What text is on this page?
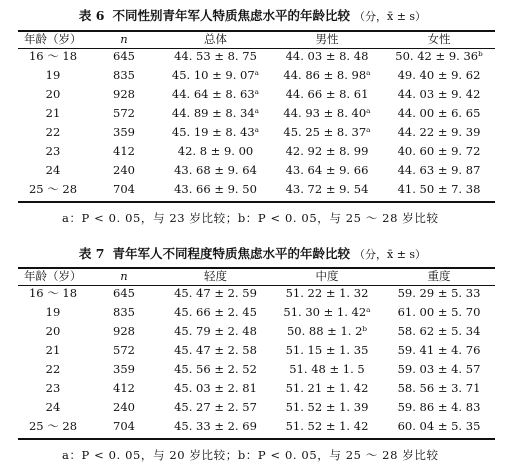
表 6 不同性别青年军人特质焦虑水平的年龄比较 （分，x̄ ± s）
年龄（岁）	n	总体	男性	女性
16 ～ 18	645	44. 53 ± 8. 75	44. 03 ± 8. 48	50. 42 ± 9. 36ᵇ
19	835	45. 10 ± 9. 07ᵃ	44. 86 ± 8. 98ᵃ	49. 40 ± 9. 62
20	928	44. 64 ± 8. 63ᵃ	44. 66 ± 8. 61	44. 03 ± 9. 42
21	572	44. 89 ± 8. 34ᵃ	44. 93 ± 8. 40ᵃ	44. 00 ± 6. 65
22	359	45. 19 ± 8. 43ᵃ	45. 25 ± 8. 37ᵃ	44. 22 ± 9. 39
23	412	42. 8 ± 9. 00	42. 92 ± 8. 99	40. 60 ± 9. 72
24	240	43. 68 ± 9. 64	43. 64 ± 9. 66	44. 63 ± 9. 87
25 ～ 28	704	43. 66 ± 9. 50	43. 72 ± 9. 54	41. 50 ± 7. 38
a：P < 0. 05，与 23 岁比较；b：P < 0. 05，与 25 ～ 28 岁比较
表 7 青年军人不同程度特质焦虑水平的年龄比较 （分，x̄ ± s）
年龄（岁）	n	轻度	中度	重度
16 ～ 18	645	45. 47 ± 2. 59	51. 22 ± 1. 32	59. 29 ± 5. 33
19	835	45. 66 ± 2. 45	51. 30 ± 1. 42ᵃ	61. 00 ± 5. 70
20	928	45. 79 ± 2. 48	50. 88 ± 1. 2ᵇ	58. 62 ± 5. 34
21	572	45. 47 ± 2. 58	51. 15 ± 1. 35	59. 41 ± 4. 76
22	359	45. 56 ± 2. 52	51. 48 ± 1. 5	59. 03 ± 4. 57
23	412	45. 03 ± 2. 81	51. 21 ± 1. 42	58. 56 ± 3. 71
24	240	45. 27 ± 2. 57	51. 52 ± 1. 39	59. 86 ± 4. 83
25 ～ 28	704	45. 33 ± 2. 69	51. 52 ± 1. 42	60. 04 ± 5. 35
a：P < 0. 05，与 20 岁比较；b：P < 0. 05，与 25 ～ 28 岁比较
